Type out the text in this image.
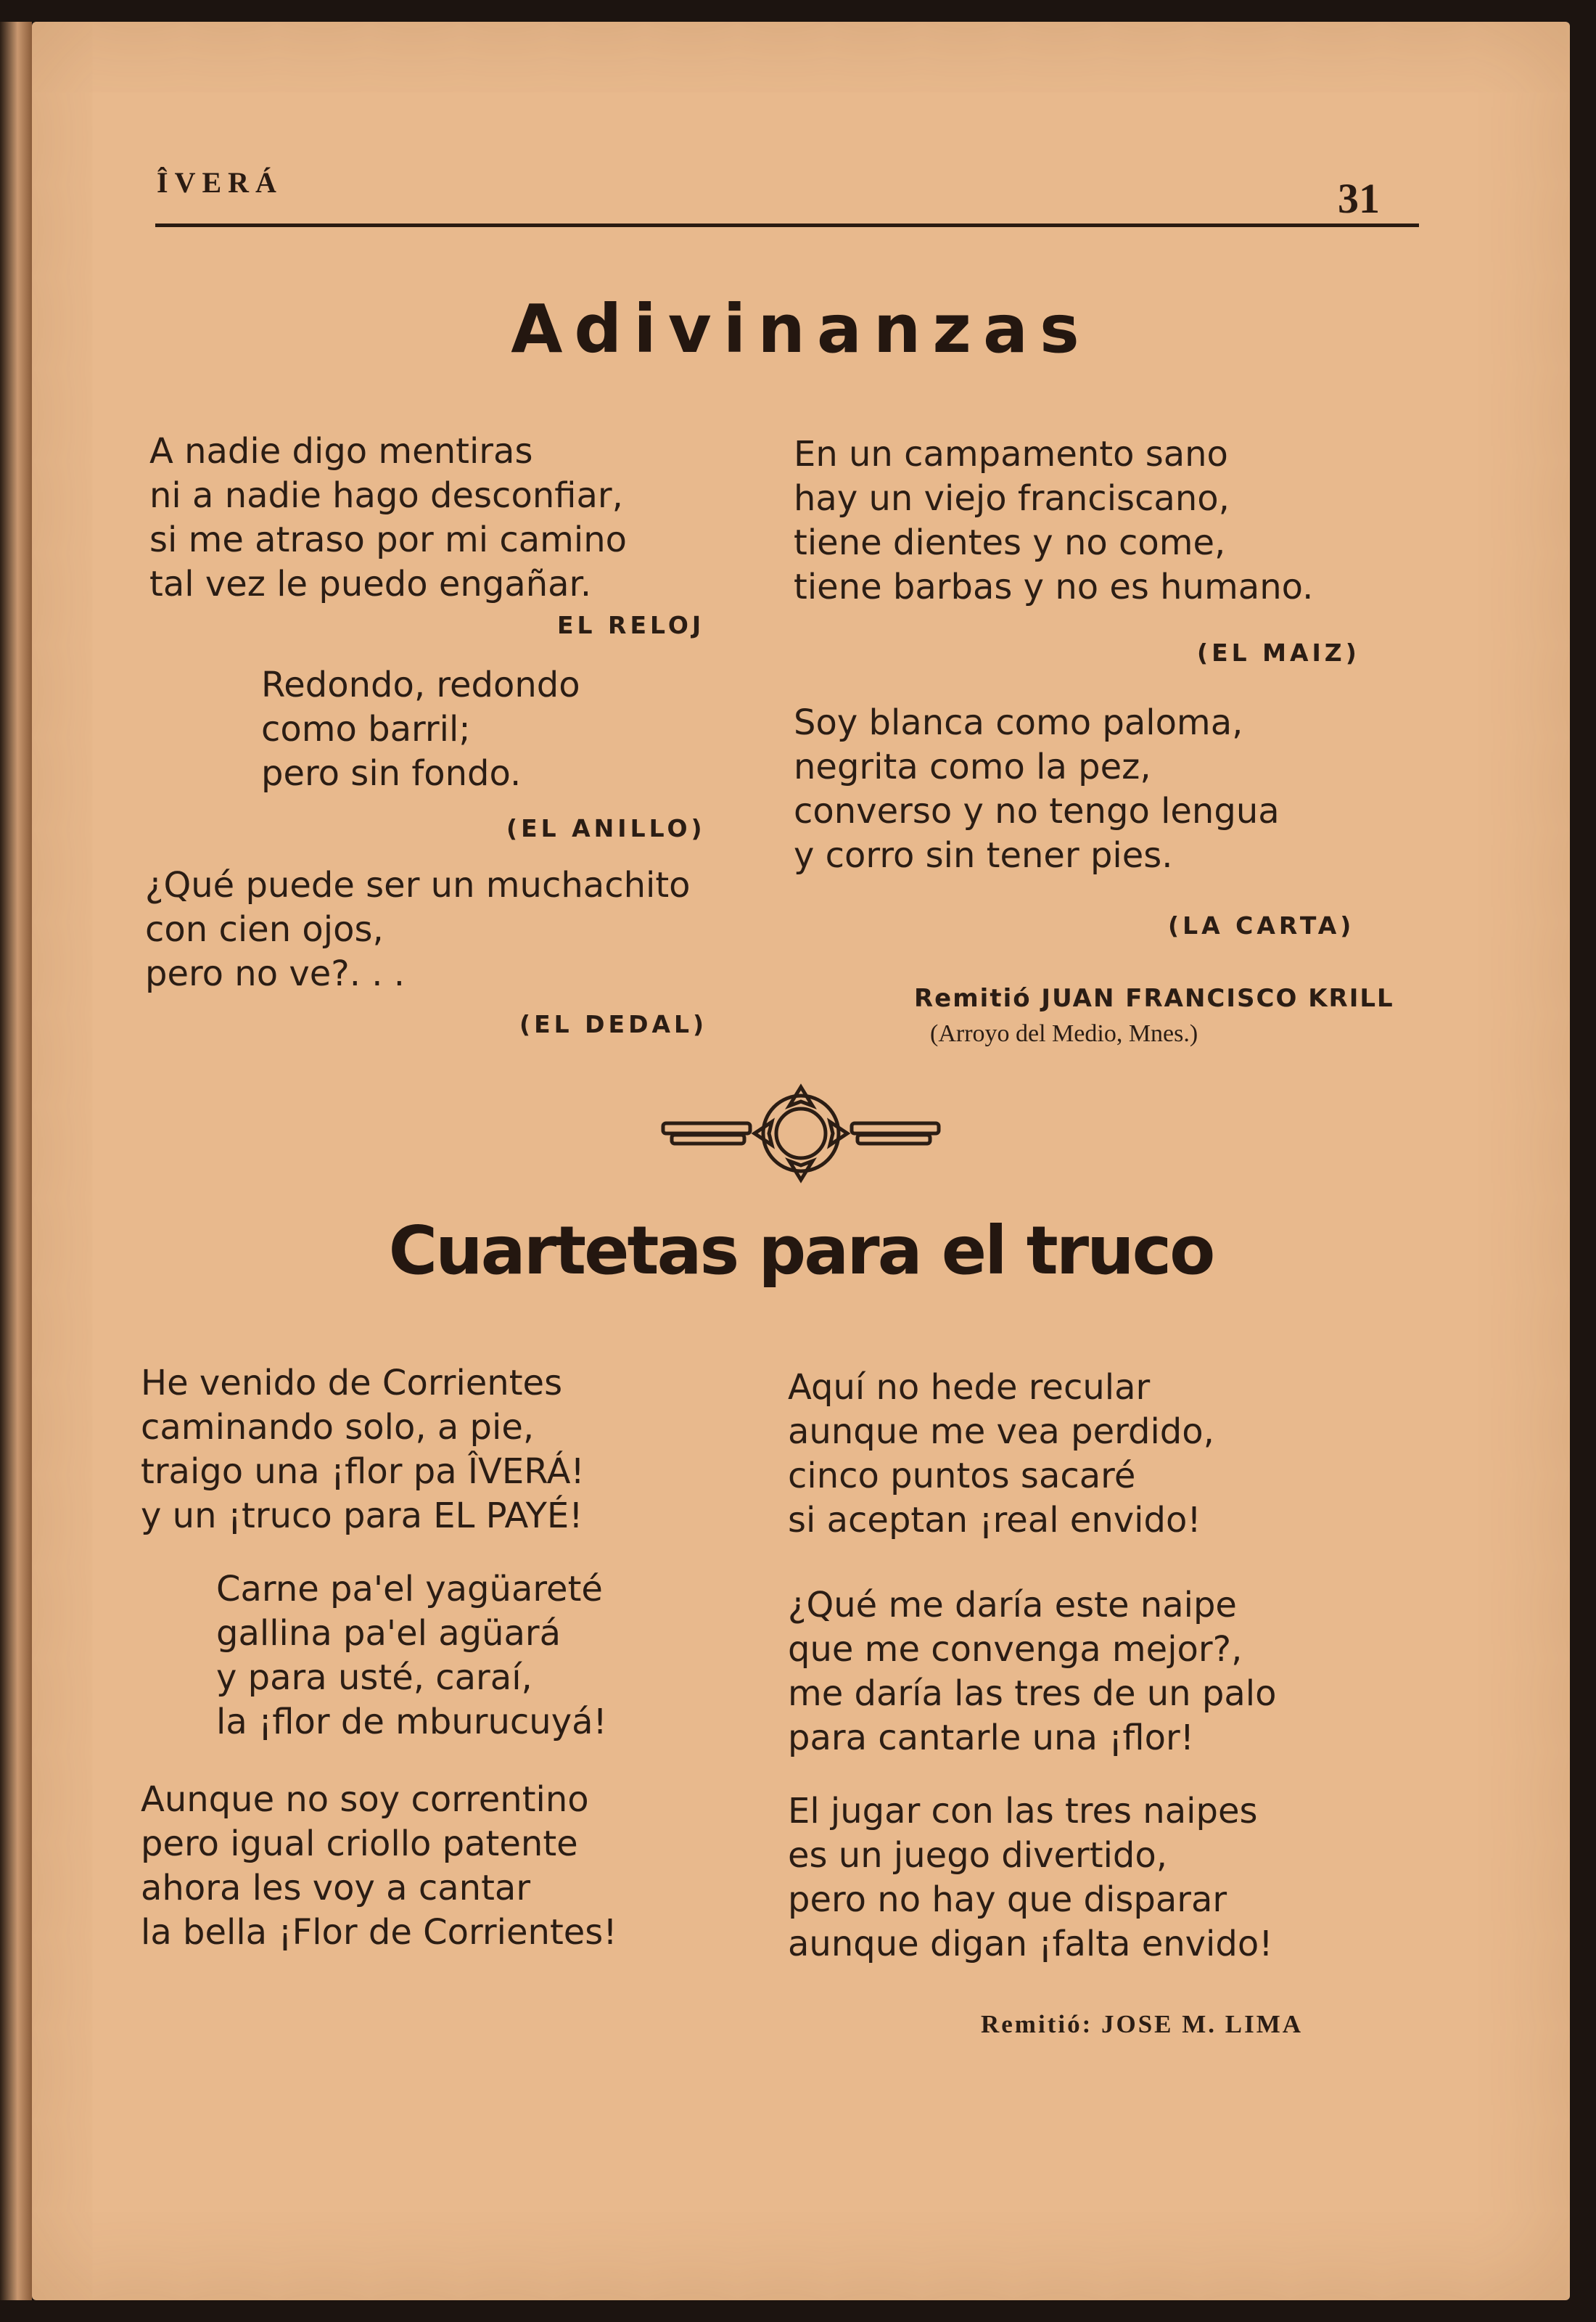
ÎVERÁ	31
Adivinanzas
A nadie digo mentiras
ni a nadie hago desconfiar,
si me atraso por mi camino
tal vez le puedo engañar.
EL RELOJ
Redondo, redondo
como barril;
pero sin fondo.
(EL ANILLO)
¿Qué puede ser un muchachito
con cien ojos,
pero no ve?. . .
(EL DEDAL)
En un campamento sano
hay un viejo franciscano,
tiene dientes y no come,
tiene barbas y no es humano.
(EL MAIZ)
Soy blanca como paloma,
negrita como la pez,
converso y no tengo lengua
y corro sin tener pies.
(LA CARTA)
Remitió JUAN FRANCISCO KRILL
(Arroyo del Medio, Mnes.)
Cuartetas para el truco
He venido de Corrientes
caminando solo, a pie,
traigo una ¡flor pa ÎVERÁ!
y un ¡truco para EL PAYÉ!
Carne pa'el yagüareté
gallina pa'el agüará
y para usté, caraí,
la ¡flor de mburucuyá!
Aunque no soy correntino
pero igual criollo patente
ahora les voy a cantar
la bella ¡Flor de Corrientes!
Aquí no hede recular
aunque me vea perdido,
cinco puntos sacaré
si aceptan ¡real envido!
¿Qué me daría este naipe
que me convenga mejor?,
me daría las tres de un palo
para cantarle una ¡flor!
El jugar con las tres naipes
es un juego divertido,
pero no hay que disparar
aunque digan ¡falta envido!
Remitió: JOSE M. LIMA
